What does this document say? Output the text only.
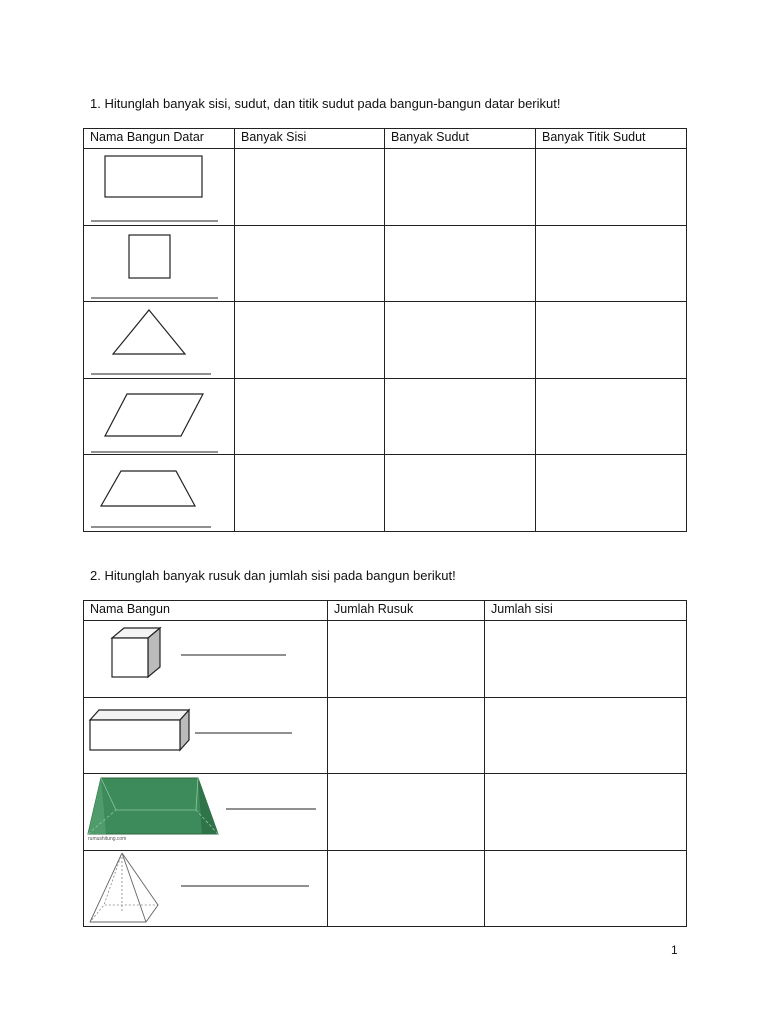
1. Hitunglah banyak sisi, sudut, dan titik sudut pada bangun-bangun datar berikut!
Nama Bangun Datar	Banyak Sisi	Banyak Sudut	Banyak Titik Sudut

2. Hitunglah banyak rusuk dan jumlah sisi pada bangun berikut!
Nama Bangun	Jumlah Rusuk	Jumlah sisi

rumushitung.com		

1
